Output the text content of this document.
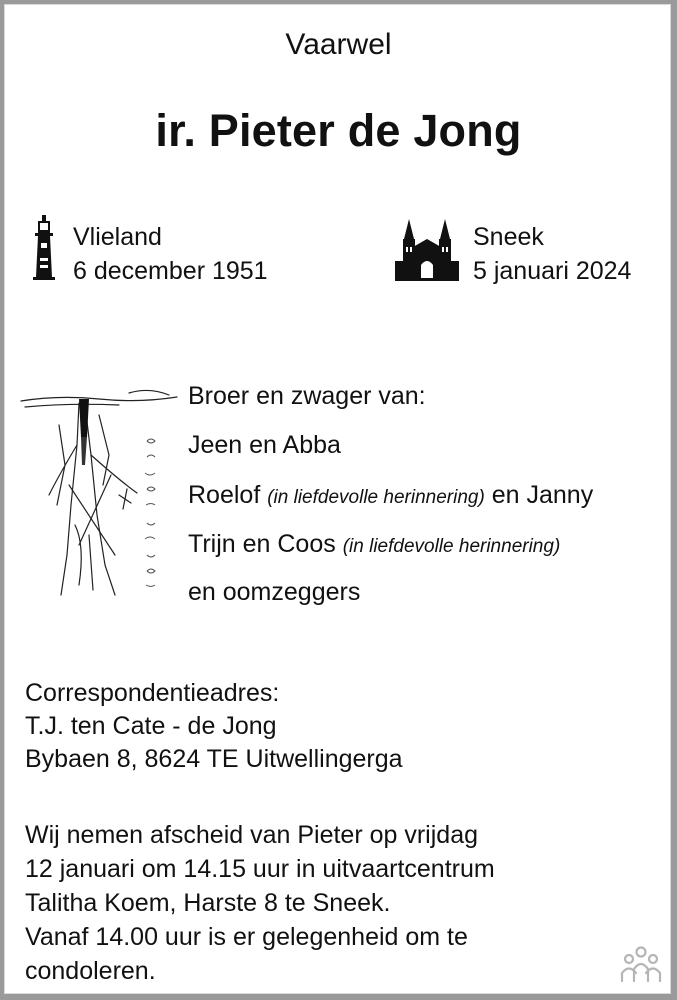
Vaarwel
ir. Pieter de Jong
Vlieland
6 december 1951
Sneek
5 januari 2024
Broer en zwager van:
Jeen en Abba
Roelof (in liefdevolle herinnering) en Janny
Trijn en Coos (in liefdevolle herinnering)
en oomzeggers
Correspondentieadres:
T.J. ten Cate - de Jong
Bybaen 8, 8624 TE Uitwellingerga
Wij nemen afscheid van Pieter op vrijdag
12 januari om 14.15 uur in uitvaartcentrum
Talitha Koem, Harste 8 te Sneek.
Vanaf 14.00 uur is er gelegenheid om te
condoleren.
